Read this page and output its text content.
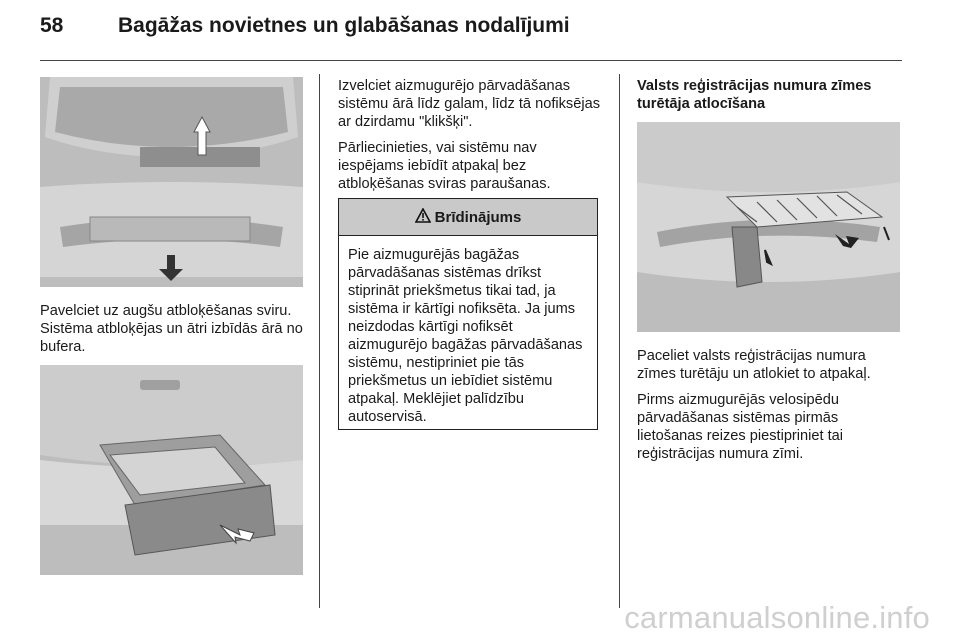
58	Bagāžas novietnes un glabāšanas nodalījumi
Pavelciet uz augšu atbloķēšanas sviru. Sistēma atbloķējas un ātri izbīdās ārā no bufera.

Izvelciet aizmugurējo pārvadāšanas sistēmu ārā līdz galam, līdz tā nofiksējas ar dzirdamu "klikšķi".

Pārliecinieties, vai sistēmu nav iespējams iebīdīt atpakaļ bez atbloķēšanas sviras paraušanas.

Brīdinājums
Pie aizmugurējās bagāžas pārvadāšanas sistēmas drīkst stiprināt priekšmetus tikai tad, ja sistēma ir kārtīgi nofiksēta. Ja jums neizdodas kārtīgi nofiksēt aizmugurējo bagāžas pārvadāšanas sistēmu, nestipriniet pie tās priekšmetus un iebīdiet sistēmu atpakaļ. Meklējiet palīdzību autoservisā.
Valsts reģistrācijas numura zīmes turētāja atlocīšana

Paceliet valsts reģistrācijas numura zīmes turētāju un atlokiet to atpakaļ.

Pirms aizmugurējās velosipēdu pārvadāšanas sistēmas pirmās lietošanas reizes piestipriniet tai reģistrācijas numura zīmi.

carmanualsonline.info
